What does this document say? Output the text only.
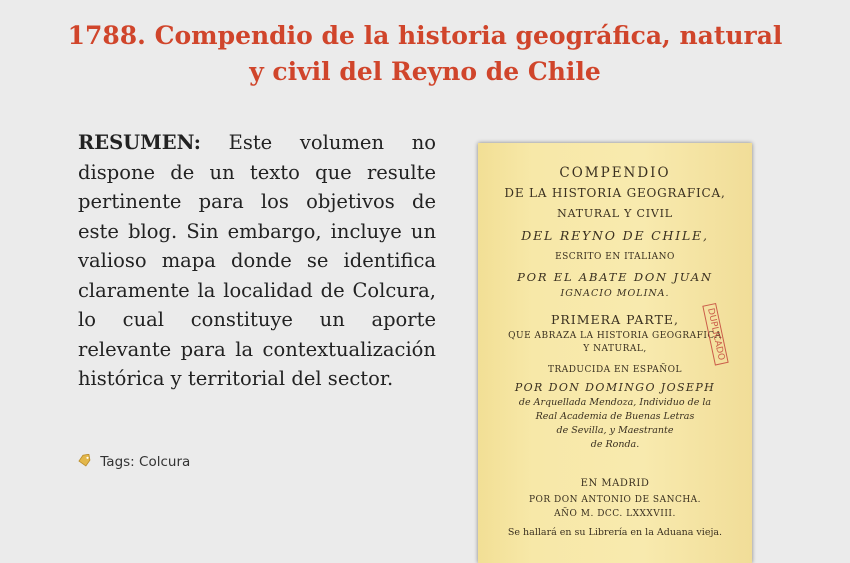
1788. Compendio de la historia geográfica, natural
y civil del Reyno de Chile

RESUMEN: Este volumen no dispone de un texto que resulte pertinente para los objetivos de este blog. Sin embargo, incluye un valioso mapa donde se identifica claramente la localidad de Colcura, lo cual constituye un aporte relevante para la contextualización histórica y territorial del sector.

Tags: Colcura
COMPENDIO
DE LA HISTORIA GEOGRAFICA,
NATURAL Y CIVIL
DEL REYNO DE CHILE,
ESCRITO EN ITALIANO
POR EL ABATE DON JUAN
IGNACIO MOLINA.
PRIMERA PARTE,
QUE ABRAZA LA HISTORIA GEOGRAFICA
Y NATURAL,
TRADUCIDA EN ESPAÑOL
POR DON DOMINGO JOSEPH
de Arquellada Mendoza, Individuo de la
Real Academia de Buenas Letras
de Sevilla, y Maestrante
de Ronda.
EN MADRID
POR DON ANTONIO DE SANCHA.
AÑO M. DCC. LXXXVIII.
Se hallará en su Librería en la Aduana vieja.
DUPLICADO
